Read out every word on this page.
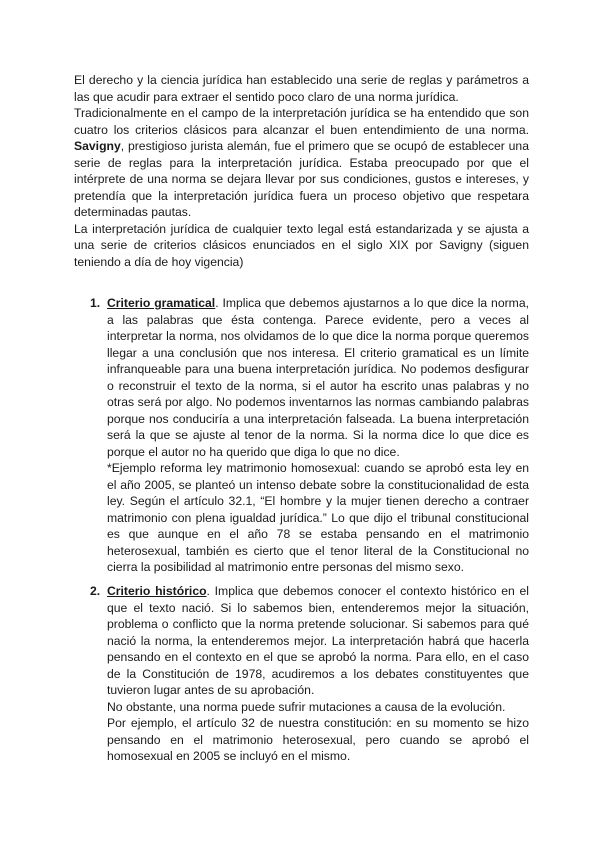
El derecho y la ciencia jurídica han establecido una serie de reglas y parámetros a las que acudir para extraer el sentido poco claro de una norma jurídica.

Tradicionalmente en el campo de la interpretación jurídica se ha entendido que son cuatro los criterios clásicos para alcanzar el buen entendimiento de una norma. Savigny, prestigioso jurista alemán, fue el primero que se ocupó de establecer una serie de reglas para la interpretación jurídica. Estaba preocupado por que el intérprete de una norma se dejara llevar por sus condiciones, gustos e intereses, y pretendía que la interpretación jurídica fuera un proceso objetivo que respetara determinadas pautas.

La interpretación jurídica de cualquier texto legal está estandarizada y se ajusta a una serie de criterios clásicos enunciados en el siglo XIX por Savigny (siguen teniendo a día de hoy vigencia)

1. Criterio gramatical. Implica que debemos ajustarnos a lo que dice la norma, a las palabras que ésta contenga. Parece evidente, pero a veces al interpretar la norma, nos olvidamos de lo que dice la norma porque queremos llegar a una conclusión que nos interesa. El criterio gramatical es un límite infranqueable para una buena interpretación jurídica. No podemos desfigurar o reconstruir el texto de la norma, si el autor ha escrito unas palabras y no otras será por algo. No podemos inventarnos las normas cambiando palabras porque nos conduciría a una interpretación falseada. La buena interpretación será la que se ajuste al tenor de la norma. Si la norma dice lo que dice es porque el autor no ha querido que diga lo que no dice.

*Ejemplo reforma ley matrimonio homosexual: cuando se aprobó esta ley en el año 2005, se planteó un intenso debate sobre la constitucionalidad de esta ley. Según el artículo 32.1, “El hombre y la mujer tienen derecho a contraer matrimonio con plena igualdad jurídica.” Lo que dijo el tribunal constitucional es que aunque en el año 78 se estaba pensando en el matrimonio heterosexual, también es cierto que el tenor literal de la Constitucional no cierra la posibilidad al matrimonio entre personas del mismo sexo.

2. Criterio histórico. Implica que debemos conocer el contexto histórico en el que el texto nació. Si lo sabemos bien, entenderemos mejor la situación, problema o conflicto que la norma pretende solucionar. Si sabemos para qué nació la norma, la entenderemos mejor. La interpretación habrá que hacerla pensando en el contexto en el que se aprobó la norma. Para ello, en el caso de la Constitución de 1978, acudiremos a los debates constituyentes que tuvieron lugar antes de su aprobación.

No obstante, una norma puede sufrir mutaciones a causa de la evolución.

Por ejemplo, el artículo 32 de nuestra constitución: en su momento se hizo pensando en el matrimonio heterosexual, pero cuando se aprobó el homosexual en 2005 se incluyó en el mismo.
